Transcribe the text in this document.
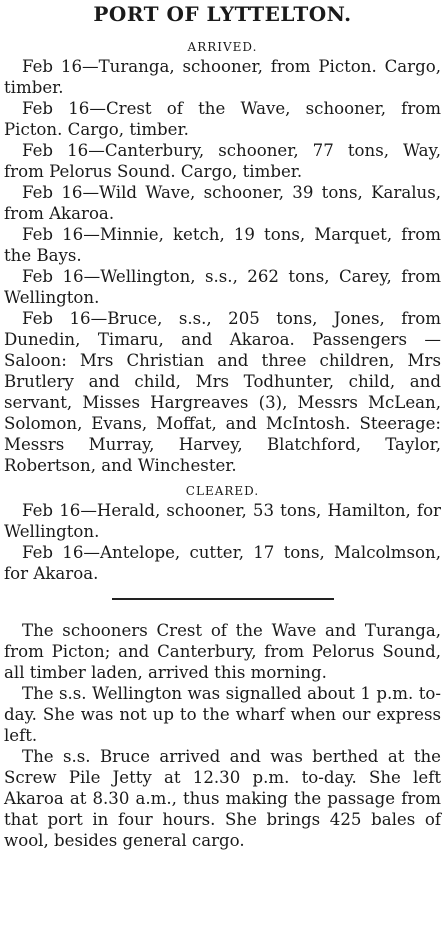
PORT OF LYTTELTON.
ARRIVED.

Feb 16—Turanga, schooner, from Picton. Cargo, timber.

Feb 16—Crest of the Wave, schooner, from Picton. Cargo, timber.

Feb 16—Canterbury, schooner, 77 tons, Way, from Pelorus Sound. Cargo, timber.

Feb 16—Wild Wave, schooner, 39 tons, Karalus, from Akaroa.

Feb 16—Minnie, ketch, 19 tons, Marquet, from the Bays.

Feb 16—Wellington, s.s., 262 tons, Carey, from Wellington.

Feb 16—Bruce, s.s., 205 tons, Jones, from Dunedin, Timaru, and Akaroa. Passengers —Saloon: Mrs Christian and three children, Mrs Brutlery and child, Mrs Todhunter, child, and servant, Misses Hargreaves (3), Messrs McLean, Solomon, Evans, Moffat, and McIntosh. Steerage: Messrs Murray, Harvey, Blatchford, Taylor, Robertson, and Winchester.

CLEARED.

Feb 16—Herald, schooner, 53 tons, Hamilton, for Wellington.

Feb 16—Antelope, cutter, 17 tons, Malcolmson, for Akaroa.

The schooners Crest of the Wave and Turanga, from Picton; and Canterbury, from Pelorus Sound, all timber laden, arrived this morning.

The s.s. Wellington was signalled about 1 p.m. to-day. She was not up to the wharf when our express left.

The s.s. Bruce arrived and was berthed at the Screw Pile Jetty at 12.30 p.m. to-day. She left Akaroa at 8.30 a.m., thus making the passage from that port in four hours. She brings 425 bales of wool, besides general cargo.
